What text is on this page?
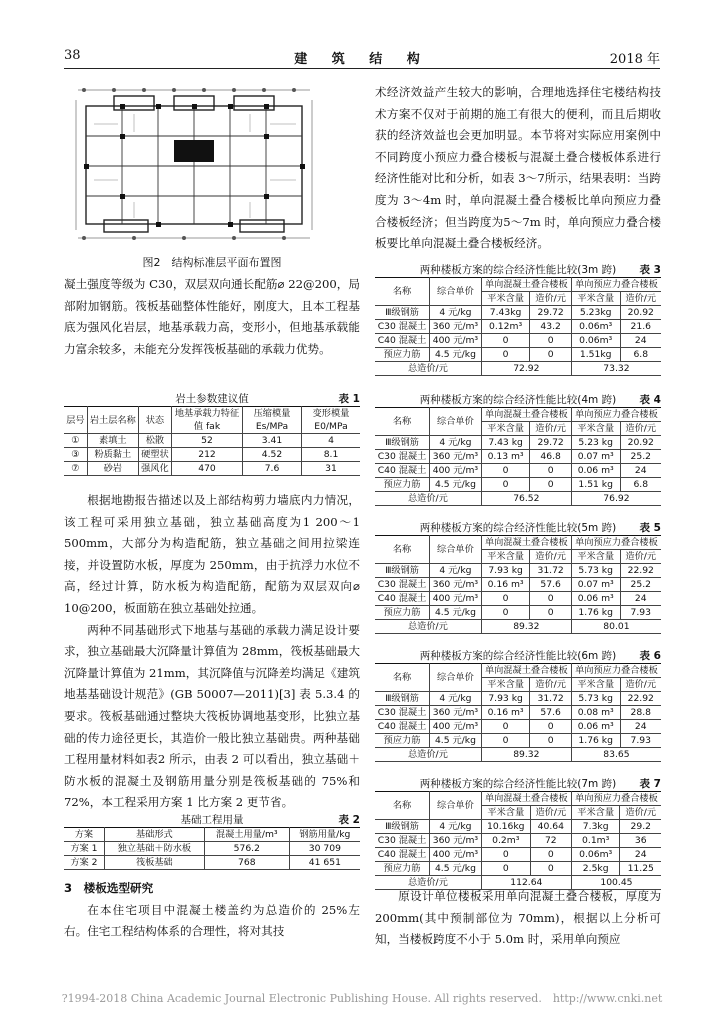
38	建 筑 结 构	2018 年
图2　结构标准层平面布置图

凝土强度等级为 C30，双层双向通长配筋⌀ 22@200，局部附加钢筋。筏板基础整体性能好，刚度大，且本工程基底为强风化岩层，地基承载力高，变形小，但地基承载能力富余较多，未能充分发挥筏板基础的承载力优势。

岩土参数建议值	表 1
层号	岩土层名称	状态	地基承载力特征值 fak	压缩模量 Es/MPa	变形模量 E0/MPa
①	素填土	松散	52	3.41	4
③	粉质黏土	硬塑状	212	4.52	8.1
⑦	砂岩	强风化	470	7.6	31

根据地勘报告描述以及上部结构剪力墙底内力情况，该工程可采用独立基础，独立基础高度为1 200～1 500mm，大部分为构造配筋，独立基础之间用拉梁连接，并设置防水板，厚度为 250mm，由于抗浮力水位不高，经过计算，防水板为构造配筋，配筋为双层双向⌀ 10@200，板面筋在独立基础处拉通。

两种不同基础形式下地基与基础的承载力满足设计要求，独立基础最大沉降量计算值为 28mm，筏板基础最大沉降量计算值为 21mm，其沉降值与沉降差均满足《建筑地基基础设计规范》(GB 50007—2011)[3] 表 5.3.4 的要求。筏板基础通过整块大筏板协调地基变形，比独立基础的传力途径更长，其造价一般比独立基础贵。两种基础工程用量材料如表2 所示，由表 2 可以看出，独立基础＋防水板的混凝土及钢筋用量分别是筏板基础的 75%和 72%，本工程采用方案 1 比方案 2 更节省。

基础工程用量	表 2
方案	基础形式	混凝土用量/m³	钢筋用量/kg
方案 1	独立基础＋防水板	576.2	30 709
方案 2	筏板基础	768	41 651

3　楼板选型研究

在本住宅项目中混凝土楼盖约为总造价的 25%左右。住宅工程结构体系的合理性，将对其技

术经济效益产生较大的影响，合理地选择住宅楼结构技术方案不仅对于前期的施工有很大的便利，而且后期收获的经济效益也会更加明显。本节将对实际应用案例中不同跨度小预应力叠合楼板与混凝土叠合楼板体系进行经济性能对比和分析，如表 3～7所示，结果表明：当跨度为 3～4m 时，单向混凝土叠合楼板比单向预应力叠合楼板经济；但当跨度为5～7m 时，单向预应力叠合楼板要比单向混凝土叠合楼板经济。

两种楼板方案的综合经济性能比较(3m 跨)	表 3
名称	综合单价	单向混凝土叠合楼板		单向预应力叠合楼板	
		平米含量	造价/元	平米含量	造价/元
Ⅲ级钢筋	4 元/kg	7.43kg	29.72	5.23kg	20.92
C30 混凝土	360 元/m³	0.12m³	43.2	0.06m³	21.6
C40 混凝土	400 元/m³	0	0	0.06m³	24
预应力筋	4.5 元/kg	0	0	1.51kg	6.8
总造价/元		72.92		73.32	
两种楼板方案的综合经济性能比较(4m 跨)	表 4
名称	综合单价	单向混凝土叠合楼板		单向预应力叠合楼板	
		平米含量	造价/元	平米含量	造价/元
Ⅲ级钢筋	4 元/kg	7.43 kg	29.72	5.23 kg	20.92
C30 混凝土	360 元/m³	0.13 m³	46.8	0.07 m³	25.2
C40 混凝土	400 元/m³	0	0	0.06 m³	24
预应力筋	4.5 元/kg	0	0	1.51 kg	6.8
总造价/元		76.52		76.92	
两种楼板方案的综合经济性能比较(5m 跨)	表 5
名称	综合单价	单向混凝土叠合楼板		单向预应力叠合楼板	
		平米含量	造价/元	平米含量	造价/元
Ⅲ级钢筋	4 元/kg	7.93 kg	31.72	5.73 kg	22.92
C30 混凝土	360 元/m³	0.16 m³	57.6	0.07 m³	25.2
C40 混凝土	400 元/m³	0	0	0.06 m³	24
预应力筋	4.5 元/kg	0	0	1.76 kg	7.93
总造价/元		89.32		80.01	
两种楼板方案的综合经济性能比较(6m 跨)	表 6
名称	综合单价	单向混凝土叠合楼板		单向预应力叠合楼板	
		平米含量	造价/元	平米含量	造价/元
Ⅲ级钢筋	4 元/kg	7.93 kg	31.72	5.73 kg	22.92
C30 混凝土	360 元/m³	0.16 m³	57.6	0.08 m³	28.8
C40 混凝土	400 元/m³	0	0	0.06 m³	24
预应力筋	4.5 元/kg	0	0	1.76 kg	7.93
总造价/元		89.32		83.65	
两种楼板方案的综合经济性能比较(7m 跨)	表 7
名称	综合单价	单向混凝土叠合楼板		单向预应力叠合楼板	
		平米含量	造价/元	平米含量	造价/元
Ⅲ级钢筋	4 元/kg	10.16kg	40.64	7.3kg	29.2
C30 混凝土	360 元/m³	0.2m³	72	0.1m³	36
C40 混凝土	400 元/m³	0	0	0.06m³	24
预应力筋	4.5 元/kg	0	0	2.5kg	11.25
总造价/元		112.64		100.45	

原设计单位楼板采用单向混凝土叠合楼板，厚度为 200mm(其中预制部位为 70mm)，根据以上分析可知，当楼板跨度不小于 5.0m 时，采用单向预应

?1994-2018 China Academic Journal Electronic Publishing House. All rights reserved.　http://www.cnki.net
